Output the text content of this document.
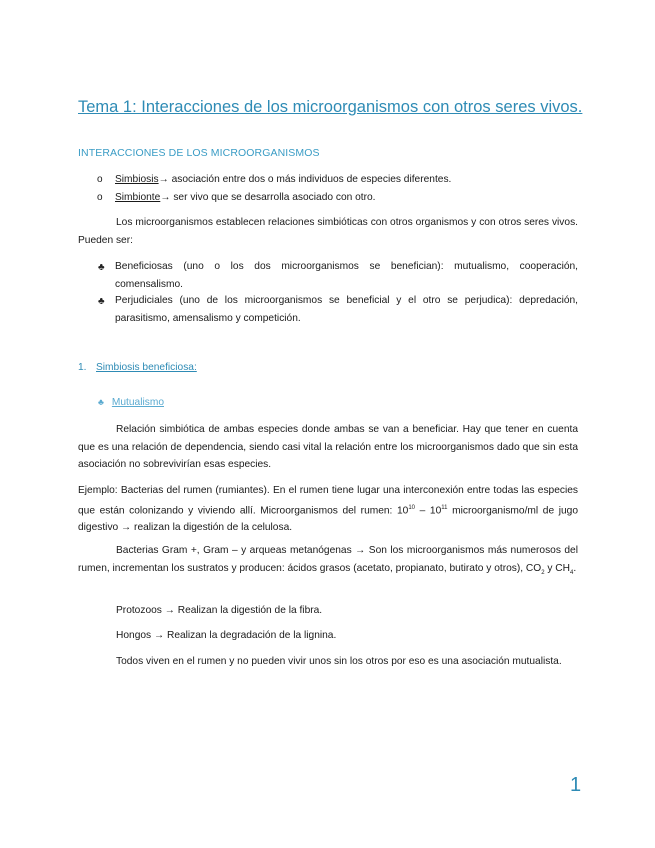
Tema 1: Interacciones de los microorganismos con otros seres vivos.
INTERACCIONES DE LOS MICROORGANISMOS
o Simbiosis→ asociación entre dos o más individuos de especies diferentes.
o Simbionte→ ser vivo que se desarrolla asociado con otro.
Los microorganismos establecen relaciones simbióticas con otros organismos y con otros seres vivos. Pueden ser:
♣ Beneficiosas (uno o los dos microorganismos se benefician): mutualismo, cooperación, comensalismo.
♣ Perjudiciales (uno de los microorganismos se beneficial y el otro se perjudica): depredación, parasitismo, amensalismo y competición.
1. Simbiosis beneficiosa:
♣ Mutualismo
Relación simbiótica de ambas especies donde ambas se van a beneficiar. Hay que tener en cuenta que es una relación de dependencia, siendo casi vital la relación entre los microorganismos dado que sin esta asociación no sobrevivirían esas especies.
Ejemplo: Bacterias del rumen (rumiantes). En el rumen tiene lugar una interconexión entre todas las especies que están colonizando y viviendo allí. Microorganismos del rumen: $10^{10} - 10^{11}$ microorganismo/ml de jugo digestivo → realizan la digestión de la celulosa.
Bacterias Gram +, Gram – y arqueas metanógenas → Son los microorganismos más numerosos del rumen, incrementan los sustratos y producen: ácidos grasos (acetato, propianato, butirato y otros), $CO_2$ y $CH_4$.
Protozoos → Realizan la digestión de la fibra.
Hongos → Realizan la degradación de la lignina.
Todos viven en el rumen y no pueden vivir unos sin los otros por eso es una asociación mutualista.
1
